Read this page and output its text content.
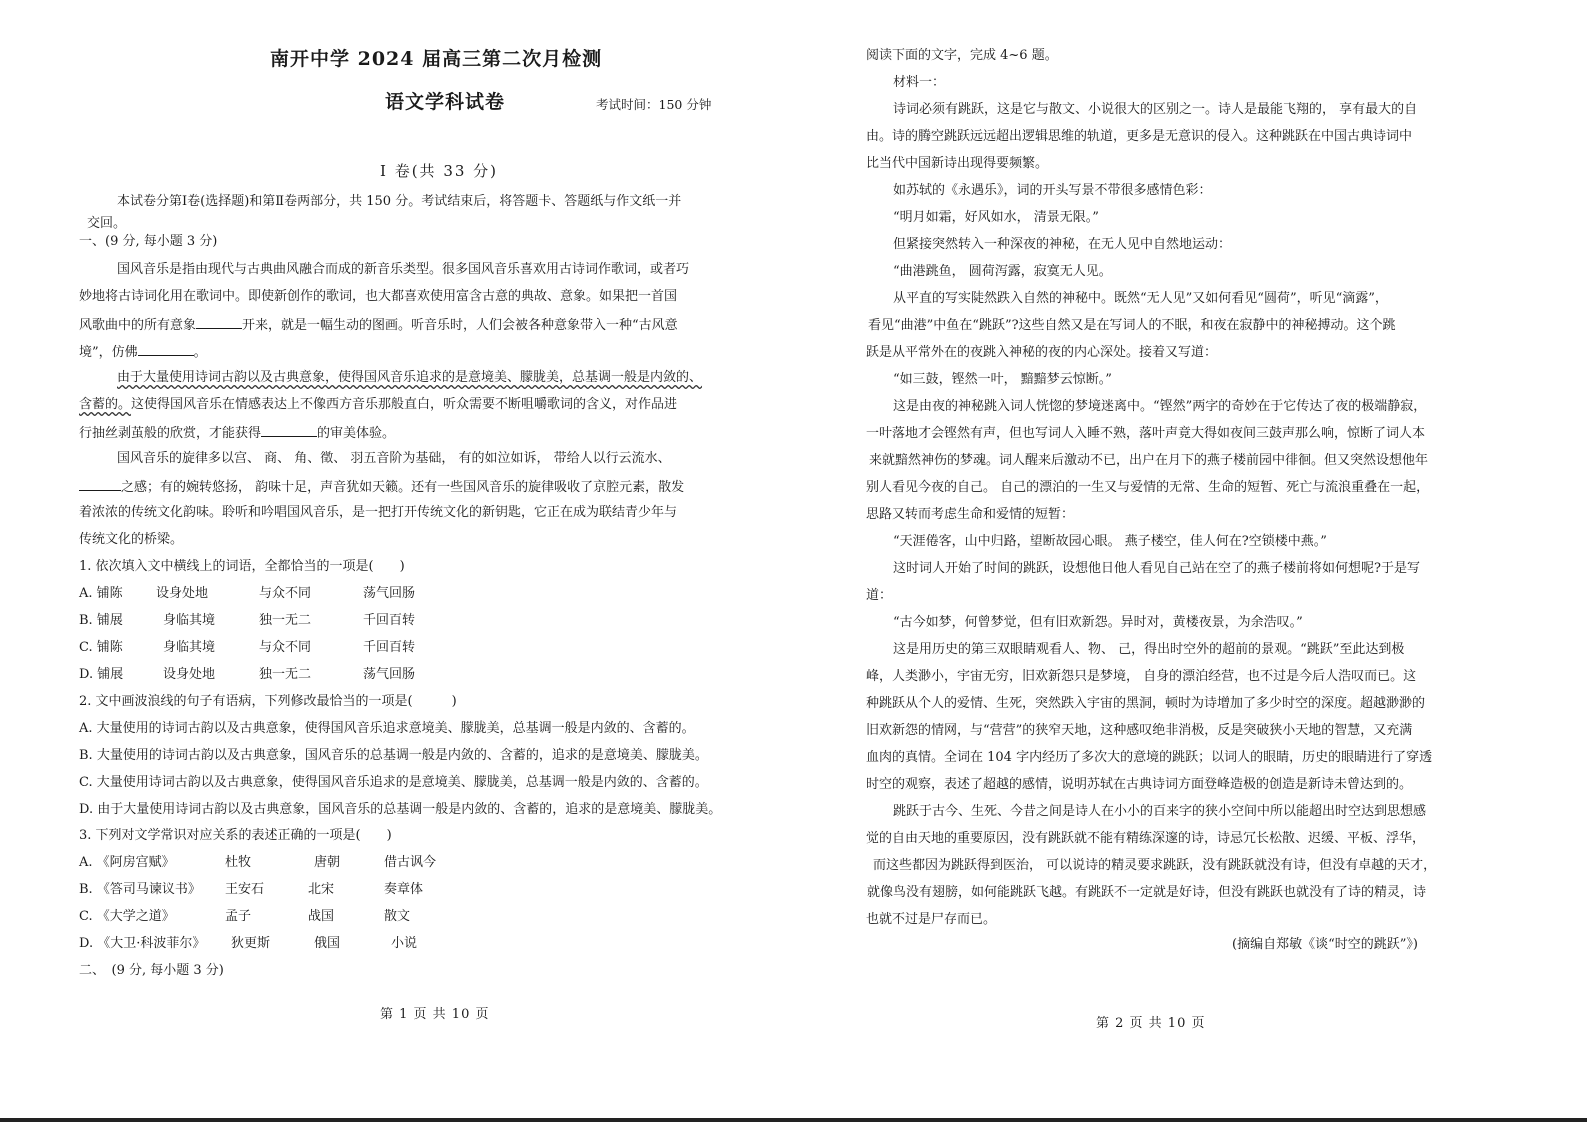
南开中学 2024 届高三第二次月检测
语文学科试卷	考试时间：150 分钟
Ⅰ 卷(共 33 分)
本试卷分第Ⅰ卷(选择题)和第Ⅱ卷两部分，共 150 分。考试结束后，将答题卡、答题纸与作文纸一并
交回。
一、(9 分, 每小题 3 分)
国风音乐是指由现代与古典曲风融合而成的新音乐类型。很多国风音乐喜欢用古诗词作歌词，或者巧
妙地将古诗词化用在歌词中。即使新创作的歌词，也大都喜欢使用富含古意的典故、意象。如果把一首国
风歌曲中的所有意象	开来，就是一幅生动的图画。听音乐时，人们会被各种意象带入一种“古风意
境”，仿佛	。
由于大量使用诗词古韵以及古典意象，使得国风音乐追求的是意境美、朦胧美，总基调一般是内敛的、
含蓄的。这使得国风音乐在情感表达上不像西方音乐那般直白，听众需要不断咀嚼歌词的含义，对作品进
行抽丝剥茧般的欣赏，才能获得	的审美体验。
国风音乐的旋律多以宫、 商、 角、徵、 羽五音阶为基础， 有的如泣如诉， 带给人以行云流水、
之感；有的婉转悠扬， 韵味十足，声音犹如天籁。还有一些国风音乐的旋律吸收了京腔元素，散发
着浓浓的传统文化韵味。聆听和吟唱国风音乐，是一把打开传统文化的新钥匙，它正在成为联结青少年与
传统文化的桥梁。
1. 依次填入文中横线上的词语，全都恰当的一项是(　　)
A. 铺陈	设身处地	与众不同	荡气回肠
B. 铺展	身临其境	独一无二	千回百转
C. 铺陈	身临其境	与众不同	千回百转
D. 铺展	设身处地	独一无二	荡气回肠
2. 文中画波浪线的句子有语病，下列修改最恰当的一项是(　　　)
A. 大量使用的诗词古韵以及古典意象，使得国风音乐追求意境美、朦胧美，总基调一般是内敛的、含蓄的。
B. 大量使用的诗词古韵以及古典意象，国风音乐的总基调一般是内敛的、含蓄的，追求的是意境美、朦胧美。
C. 大量使用诗词古韵以及古典意象，使得国风音乐追求的是意境美、朦胧美，总基调一般是内敛的、含蓄的。
D. 由于大量使用诗词古韵以及古典意象，国风音乐的总基调一般是内敛的、含蓄的，追求的是意境美、朦胧美。
3. 下列对文学常识对应关系的表述正确的一项是(　　)
A. 《阿房宫赋》	杜牧	唐朝	借古讽今
B. 《答司马谏议书》 王安石	北宋	奏章体
C. 《大学之道》	孟子	战国	散文
D. 《大卫·科波菲尔》 狄更斯	俄国	小说
二、　(9 分, 每小题 3 分)
第 1 页 共 10 页
阅读下面的文字，完成 4~6 题。
材料一：
诗词必须有跳跃，这是它与散文、小说很大的区别之一。诗人是最能飞翔的， 享有最大的自
由。诗的腾空跳跃远远超出逻辑思维的轨道，更多是无意识的侵入。这种跳跃在中国古典诗词中
比当代中国新诗出现得要频繁。
如苏轼的《永遇乐》，词的开头写景不带很多感情色彩：
“明月如霜，好风如水， 清景无限。”
但紧接突然转入一种深夜的神秘，在无人见中自然地运动：
“曲港跳鱼， 圆荷泻露，寂寞无人见。
从平直的写实陡然跌入自然的神秘中。既然“无人见”又如何看见“圆荷”，听见“滴露”，
看见“曲港”中鱼在“跳跃”?这些自然又是在写词人的不眠，和夜在寂静中的神秘搏动。这个跳
跃是从平常外在的夜跳入神秘的夜的内心深处。接着又写道：
“如三鼓，铿然一叶， 黯黯梦云惊断。”
这是由夜的神秘跳入词人恍惚的梦境迷离中。“铿然”两字的奇妙在于它传达了夜的极端静寂，
一叶落地才会铿然有声，但也写词人入睡不熟，落叶声竟大得如夜间三鼓声那么响，惊断了词人本
来就黯然神伤的梦魂。词人醒来后激动不已，出户在月下的燕子楼前园中徘徊。但又突然设想他年
别人看见今夜的自己。 自己的漂泊的一生又与爱情的无常、生命的短暂、死亡与流浪重叠在一起，
思路又转而考虑生命和爱情的短暂：
“天涯倦客，山中归路，望断故园心眼。 燕子楼空，佳人何在?空锁楼中燕。”
这时词人开始了时间的跳跃，设想他日他人看见自己站在空了的燕子楼前将如何想呢?于是写
道：
“古今如梦，何曾梦觉，但有旧欢新怨。异时对，黄楼夜景，为余浩叹。”
这是用历史的第三双眼睛观看人、物、 己，得出时空外的超前的景观。“跳跃”至此达到极
峰，人类渺小，宇宙无穷，旧欢新怨只是梦境， 自身的漂泊经营，也不过是今后人浩叹而已。这
种跳跃从个人的爱情、生死，突然跌入宇宙的黑洞，顿时为诗增加了多少时空的深度。超越渺渺的
旧欢新怨的情网，与“营营”的狭窄天地，这种感叹绝非消极，反是突破狭小天地的智慧，又充满
血肉的真情。全词在 104 字内经历了多次大的意境的跳跃；以词人的眼睛，历史的眼睛进行了穿透
时空的观察，表述了超越的感情，说明苏轼在古典诗词方面登峰造极的创造是新诗未曾达到的。
跳跃于古今、生死、今昔之间是诗人在小小的百来字的狭小空间中所以能超出时空达到思想感
觉的自由天地的重要原因，没有跳跃就不能有精练深邃的诗，诗忌冗长松散、迟缓、平板、浮华，
而这些都因为跳跃得到医治， 可以说诗的精灵要求跳跃，没有跳跃就没有诗，但没有卓越的天才，
就像鸟没有翅膀，如何能跳跃飞越。有跳跃不一定就是好诗，但没有跳跃也就没有了诗的精灵，诗
也就不过是尸存而已。
(摘编自郑敏《谈“时空的跳跃”》)
第 2 页 共 10 页
